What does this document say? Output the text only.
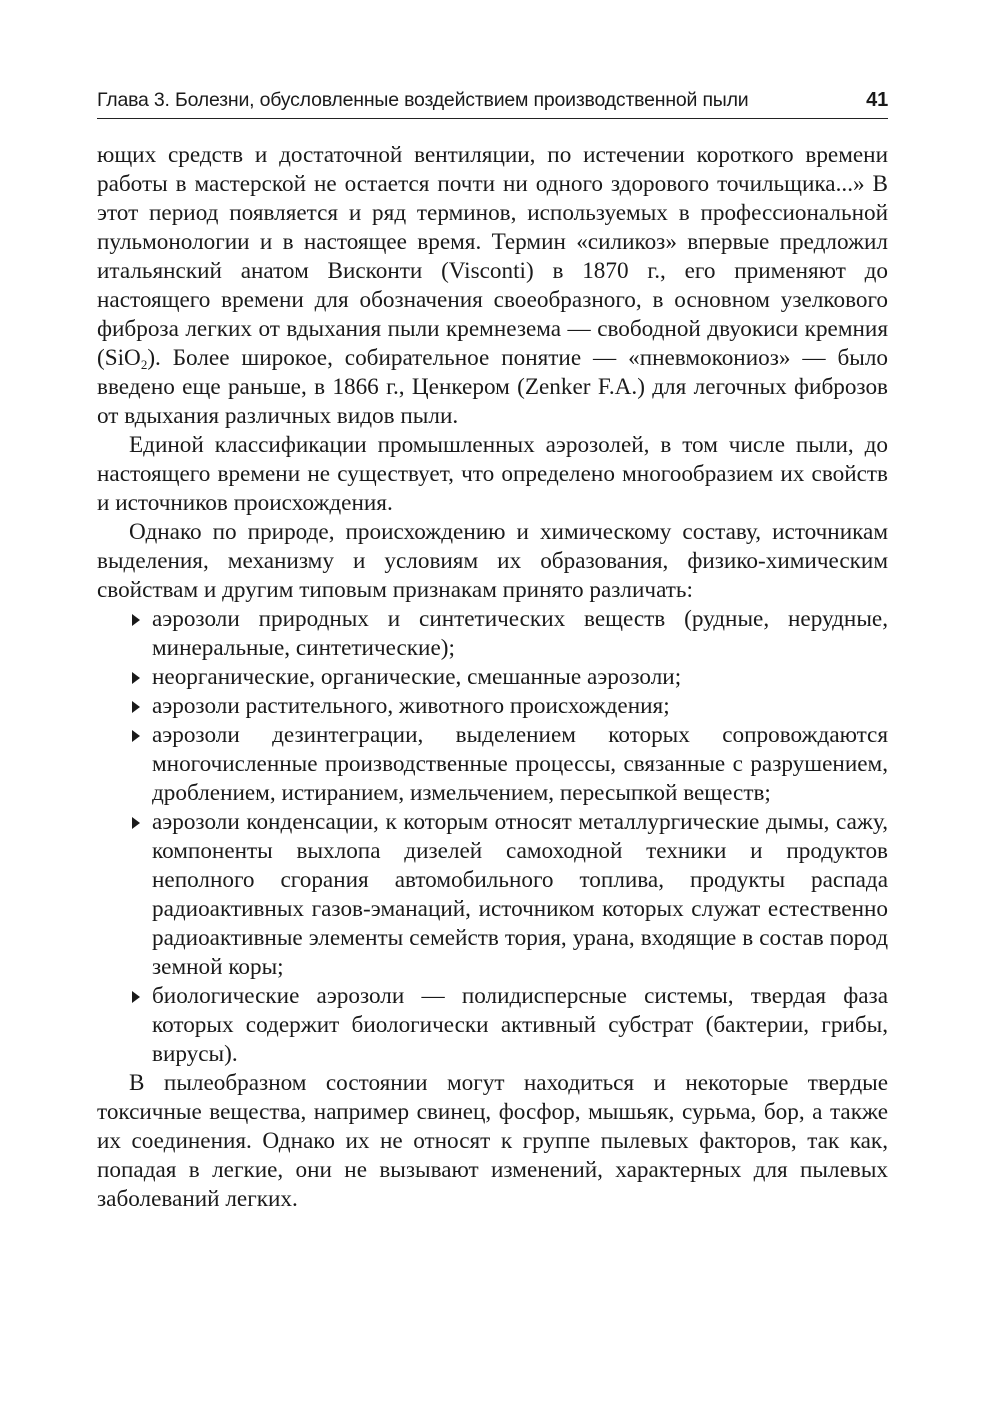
Глава 3. Болезни, обусловленные воздействием производственной пыли	41

ющих средств и достаточной вентиляции, по истечении короткого времени работы в мастерской не остается почти ни одного здорового точильщика...» В этот период появляется и ряд терминов, используемых в профессиональной пульмонологии и в настоящее время. Термин «силикоз» впервые предложил итальянский анатом Висконти (Visconti) в 1870 г., его применяют до настоящего времени для обозначения своеобразного, в основном узелкового фиброза легких от вдыхания пыли кремнезема — свободной двуокиси кремния (SiO$_2$). Более широкое, собирательное понятие — «пневмокониоз» — было введено еще раньше, в 1866 г., Ценкером (Zenker F.A.) для легочных фиброзов от вдыхания различных видов пыли.

Единой классификации промышленных аэрозолей, в том числе пыли, до настоящего времени не существует, что определено многообразием их свойств и источников происхождения.

Однако по природе, происхождению и химическому составу, источникам выделения, механизму и условиям их образования, физико-химическим свойствам и другим типовым признакам принято различать:

аэрозоли природных и синтетических веществ (рудные, нерудные, минеральные, синтетические);
неорганические, органические, смешанные аэрозоли;
аэрозоли растительного, животного происхождения;
аэрозоли дезинтеграции, выделением которых сопровождаются многочисленные производственные процессы, связанные с разрушением, дроблением, истиранием, измельчением, пересыпкой веществ;
аэрозоли конденсации, к которым относят металлургические дымы, сажу, компоненты выхлопа дизелей самоходной техники и продуктов неполного сгорания автомобильного топлива, продукты распада радиоактивных газов-эманаций, источником которых служат естественно радиоактивные элементы семейств тория, урана, входящие в состав пород земной коры;
биологические аэрозоли — полидисперсные системы, твердая фаза которых содержит биологически активный субстрат (бактерии, грибы, вирусы).

В пылеобразном состоянии могут находиться и некоторые твердые токсичные вещества, например свинец, фосфор, мышьяк, сурьма, бор, а также их соединения. Однако их не относят к группе пылевых факторов, так как, попадая в легкие, они не вызывают изменений, характерных для пылевых заболеваний легких.
